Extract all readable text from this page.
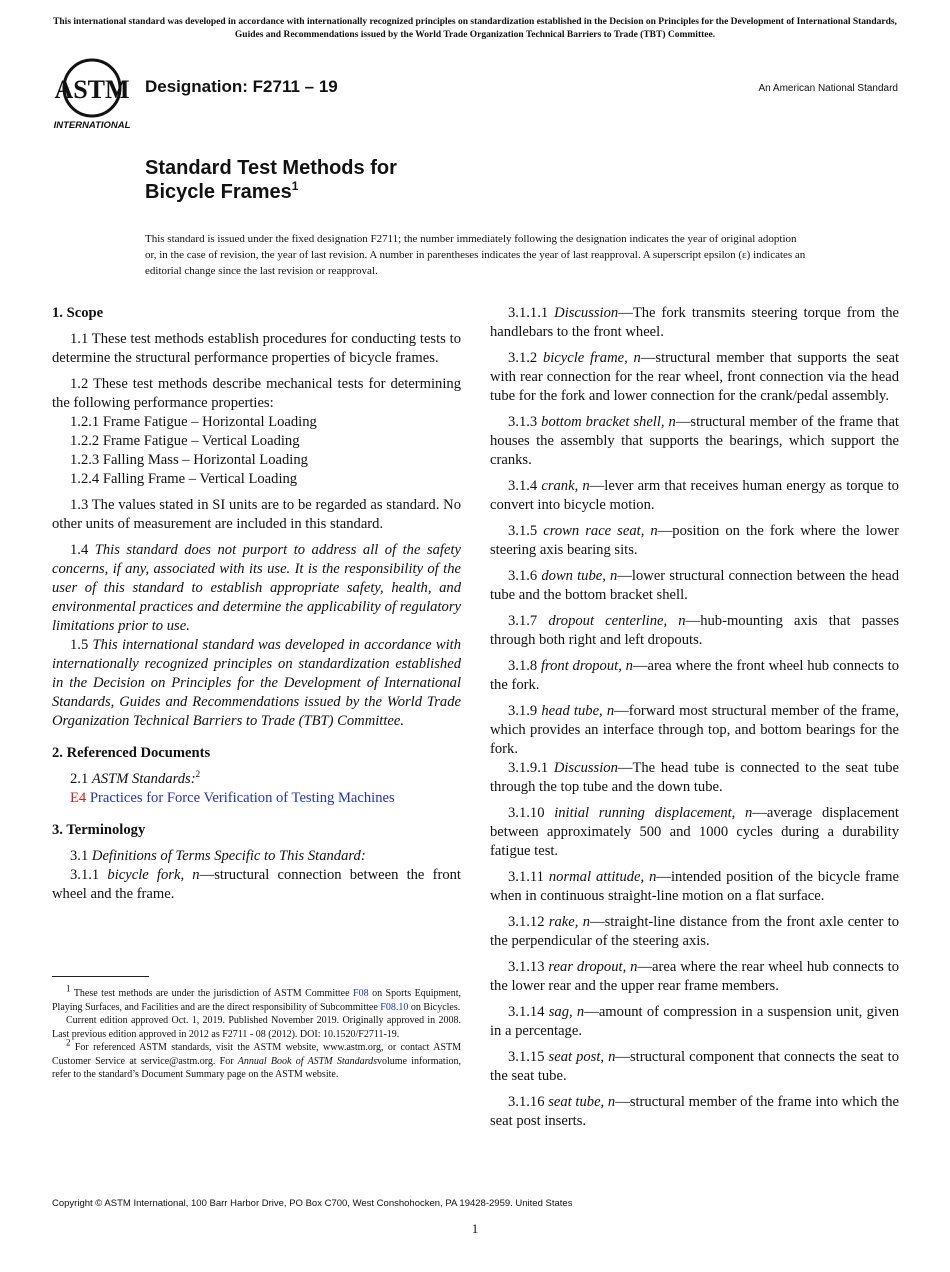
This international standard was developed in accordance with internationally recognized principles on standardization established in the Decision on Principles for the Development of International Standards, Guides and Recommendations issued by the World Trade Organization Technical Barriers to Trade (TBT) Committee.
ASTM
INTERNATIONAL
Designation: F2711 – 19	An American National Standard
Standard Test Methods for
Bicycle Frames$^1$
This standard is issued under the fixed designation F2711; the number immediately following the designation indicates the year of original adoption or, in the case of revision, the year of last revision. A number in parentheses indicates the year of last reapproval. A superscript epsilon (ε) indicates an editorial change since the last revision or reapproval.

1. Scope

1.1 These test methods establish procedures for conducting tests to determine the structural performance properties of bicycle frames.

1.2 These test methods describe mechanical tests for determining the following performance properties:

1.2.1 Frame Fatigue – Horizontal Loading

1.2.2 Frame Fatigue – Vertical Loading

1.2.3 Falling Mass – Horizontal Loading

1.2.4 Falling Frame – Vertical Loading

1.3 The values stated in SI units are to be regarded as standard. No other units of measurement are included in this standard.

1.4 This standard does not purport to address all of the safety concerns, if any, associated with its use. It is the responsibility of the user of this standard to establish appropriate safety, health, and environmental practices and determine the applicability of regulatory limitations prior to use.

1.5 This international standard was developed in accordance with internationally recognized principles on standardization established in the Decision on Principles for the Development of International Standards, Guides and Recommendations issued by the World Trade Organization Technical Barriers to Trade (TBT) Committee.

2. Referenced Documents

2.1 ASTM Standards:$^2$

E4 Practices for Force Verification of Testing Machines

3. Terminology

3.1 Definitions of Terms Specific to This Standard:

3.1.1 bicycle fork, n—structural connection between the front wheel and the frame.

3.1.1.1 Discussion—The fork transmits steering torque from the handlebars to the front wheel.

3.1.2 bicycle frame, n—structural member that supports the seat with rear connection for the rear wheel, front connection via the head tube for the fork and lower connection for the crank/pedal assembly.

3.1.3 bottom bracket shell, n—structural member of the frame that houses the assembly that supports the bearings, which support the cranks.

3.1.4 crank, n—lever arm that receives human energy as torque to convert into bicycle motion.

3.1.5 crown race seat, n—position on the fork where the lower steering axis bearing sits.

3.1.6 down tube, n—lower structural connection between the head tube and the bottom bracket shell.

3.1.7 dropout centerline, n—hub-mounting axis that passes through both right and left dropouts.

3.1.8 front dropout, n—area where the front wheel hub connects to the fork.

3.1.9 head tube, n—forward most structural member of the frame, which provides an interface through top, and bottom bearings for the fork.

3.1.9.1 Discussion—The head tube is connected to the seat tube through the top tube and the down tube.

3.1.10 initial running displacement, n—average displacement between approximately 500 and 1000 cycles during a durability fatigue test.

3.1.11 normal attitude, n—intended position of the bicycle frame when in continuous straight-line motion on a flat surface.

3.1.12 rake, n—straight-line distance from the front axle center to the perpendicular of the steering axis.

3.1.13 rear dropout, n—area where the rear wheel hub connects to the lower rear and the upper rear frame members.

3.1.14 sag, n—amount of compression in a suspension unit, given in a percentage.

3.1.15 seat post, n—structural component that connects the seat to the seat tube.

3.1.16 seat tube, n—structural member of the frame into which the seat post inserts.

$^1$ These test methods are under the jurisdiction of ASTM Committee F08 on Sports Equipment, Playing Surfaces, and Facilities and are the direct responsibility of Subcommittee F08.10 on Bicycles.

Current edition approved Oct. 1, 2019. Published November 2019. Originally approved in 2008. Last previous edition approved in 2012 as F2711 - 08 (2012). DOI: 10.1520/F2711-19.

$^2$ For referenced ASTM standards, visit the ASTM website, www.astm.org, or contact ASTM Customer Service at service@astm.org. For Annual Book of ASTM Standardsvolume information, refer to the standard’s Document Summary page on the ASTM website.

Copyright © ASTM International, 100 Barr Harbor Drive, PO Box C700, West Conshohocken, PA 19428-2959. United States
1
